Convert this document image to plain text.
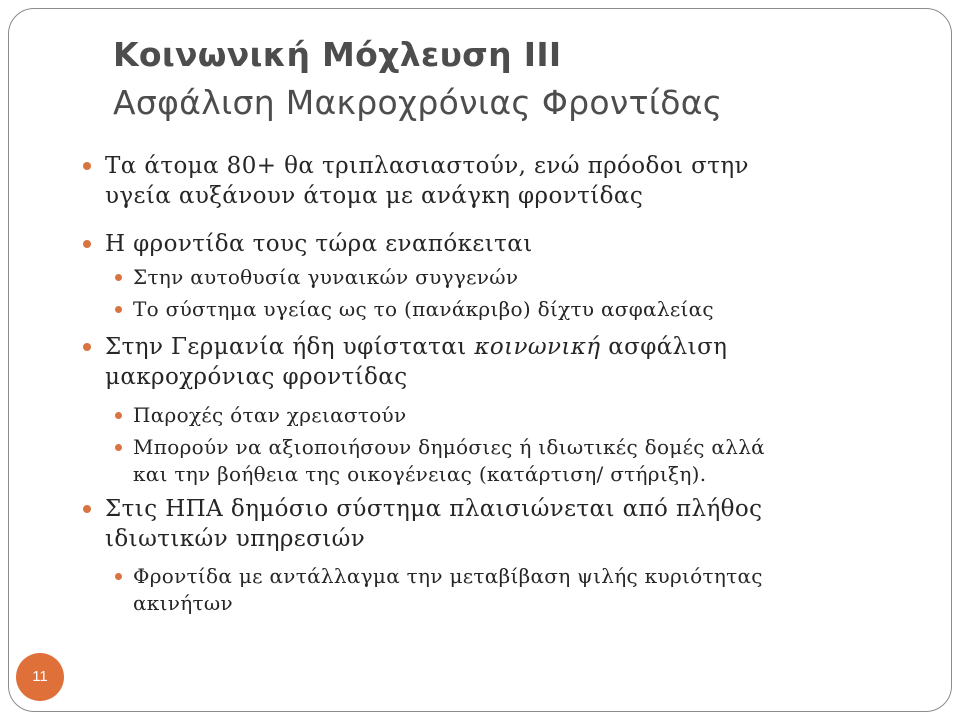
Κοινωνική Μόχλευση ΙΙΙ
Ασφάλιση Μακροχρόνιας Φροντίδας
Τα άτομα 80+ θα τριπλασιαστούν, ενώ πρόοδοι στην
υγεία αυξάνουν άτομα με ανάγκη φροντίδας
Η φροντίδα τους τώρα εναπόκειται
Στην αυτοθυσία γυναικών συγγενών
Το σύστημα υγείας ως το (πανάκριβο) δίχτυ ασφαλείας
Στην Γερμανία ήδη υφίσταται κοινωνική ασφάλιση
μακροχρόνιας φροντίδας
Παροχές όταν χρειαστούν
Μπορούν να αξιοποιήσουν δημόσιες ή ιδιωτικές δομές αλλά
και την βοήθεια της οικογένειας (κατάρτιση/ στήριξη).
Στις ΗΠΑ δημόσιο σύστημα πλαισιώνεται από πλήθος
ιδιωτικών υπηρεσιών
Φροντίδα με αντάλλαγμα την μεταβίβαση ψιλής κυριότητας
ακινήτων
11
